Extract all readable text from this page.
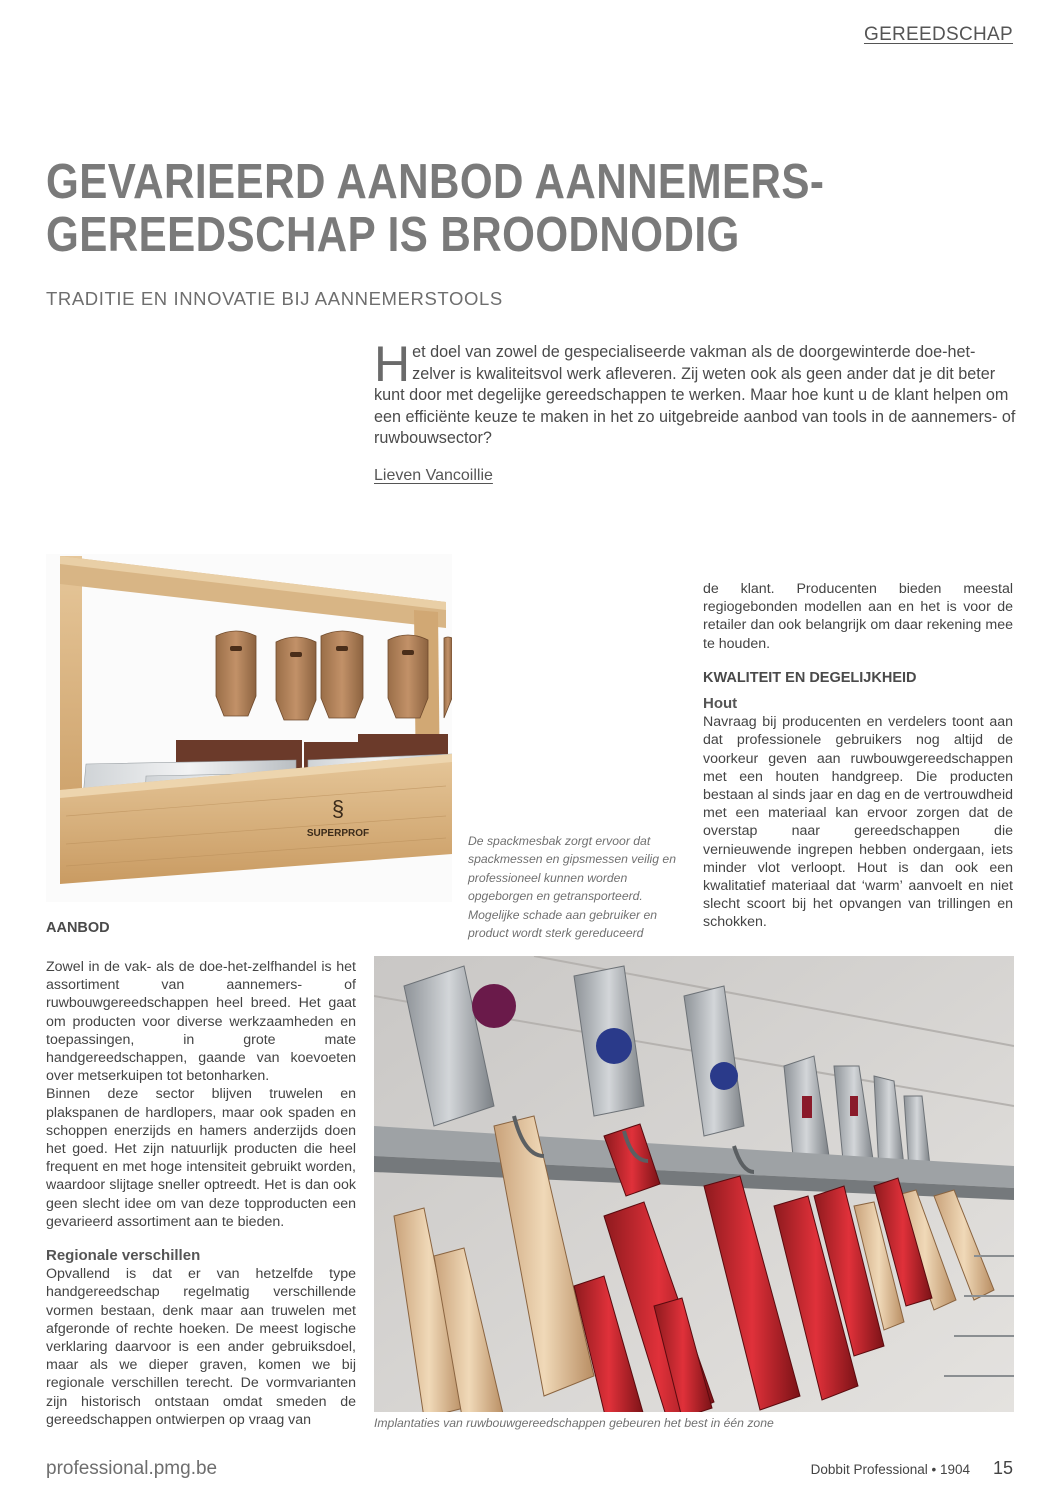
GEREEDSCHAP
GEVARIEERD AANBOD AANNEMERS-
GEREEDSCHAP IS BROODNODIG
TRADITIE EN INNOVATIE BIJ AANNEMERSTOOLS
Het doel van zowel de gespecialiseerde vakman als de doorgewinterde doe-het-zelver is kwaliteitsvol werk afleveren. Zij weten ook als geen ander dat je dit beter kunt door met degelijke gereedschappen te werken. Maar hoe kunt u de klant helpen om een efficiënte keuze te maken in het zo uitgebreide aanbod van tools in de aannemers- of ruwbouwsector?
Lieven Vancoillie
§
SUPERPROF
De spackmesbak zorgt ervoor dat spackmessen en gipsmessen veilig en professioneel kunnen worden opgeborgen en getransporteerd. Mogelijke schade aan gebruiker en product wordt sterk gereduceerd

de klant. Producenten bieden meestal regiogebonden modellen aan en het is voor de retailer dan ook belangrijk om daar rekening mee te houden.

KWALITEIT EN DEGELIJKHEID

Hout

Navraag bij producenten en verdelers toont aan dat professionele gebruikers nog altijd de voorkeur geven aan ruwbouwgereedschappen met een houten handgreep. Die producten bestaan al sinds jaar en dag en de vertrouwdheid met een materiaal kan ervoor zorgen dat de overstap naar gereedschappen die vernieuwende ingrepen hebben ondergaan, iets minder vlot verloopt. Hout is dan ook een kwalitatief materiaal dat ‘warm’ aanvoelt en niet slecht scoort bij het opvangen van trillingen en schokken.

AANBOD

Zowel in de vak- als de doe-het-zelfhandel is het assortiment van aannemers- of ruwbouwgereedschappen heel breed. Het gaat om producten voor diverse werkzaamheden en toepassingen, in grote mate handgereedschappen, gaande van koevoeten over metserkuipen tot betonharken.

Binnen deze sector blijven truwelen en plakspanen de hardlopers, maar ook spaden en schoppen enerzijds en hamers anderzijds doen het goed. Het zijn natuurlijk producten die heel frequent en met hoge intensiteit gebruikt worden, waardoor slijtage sneller optreedt. Het is dan ook geen slecht idee om van deze topproducten een gevarieerd assortiment aan te bieden.

Regionale verschillen

Opvallend is dat er van hetzelfde type handgereedschap regelmatig verschillende vormen bestaan, denk maar aan truwelen met afgeronde of rechte hoeken. De meest logische verklaring daarvoor is een ander gebruiksdoel, maar als we dieper graven, komen we bij regionale verschillen terecht. De vormvarianten zijn historisch ontstaan omdat smeden de gereedschappen ontwierpen op vraag van	Implantaties van ruwbouwgereedschappen gebeuren het best in één zone
professional.pmg.be	Dobbit Professional • 1904 15
